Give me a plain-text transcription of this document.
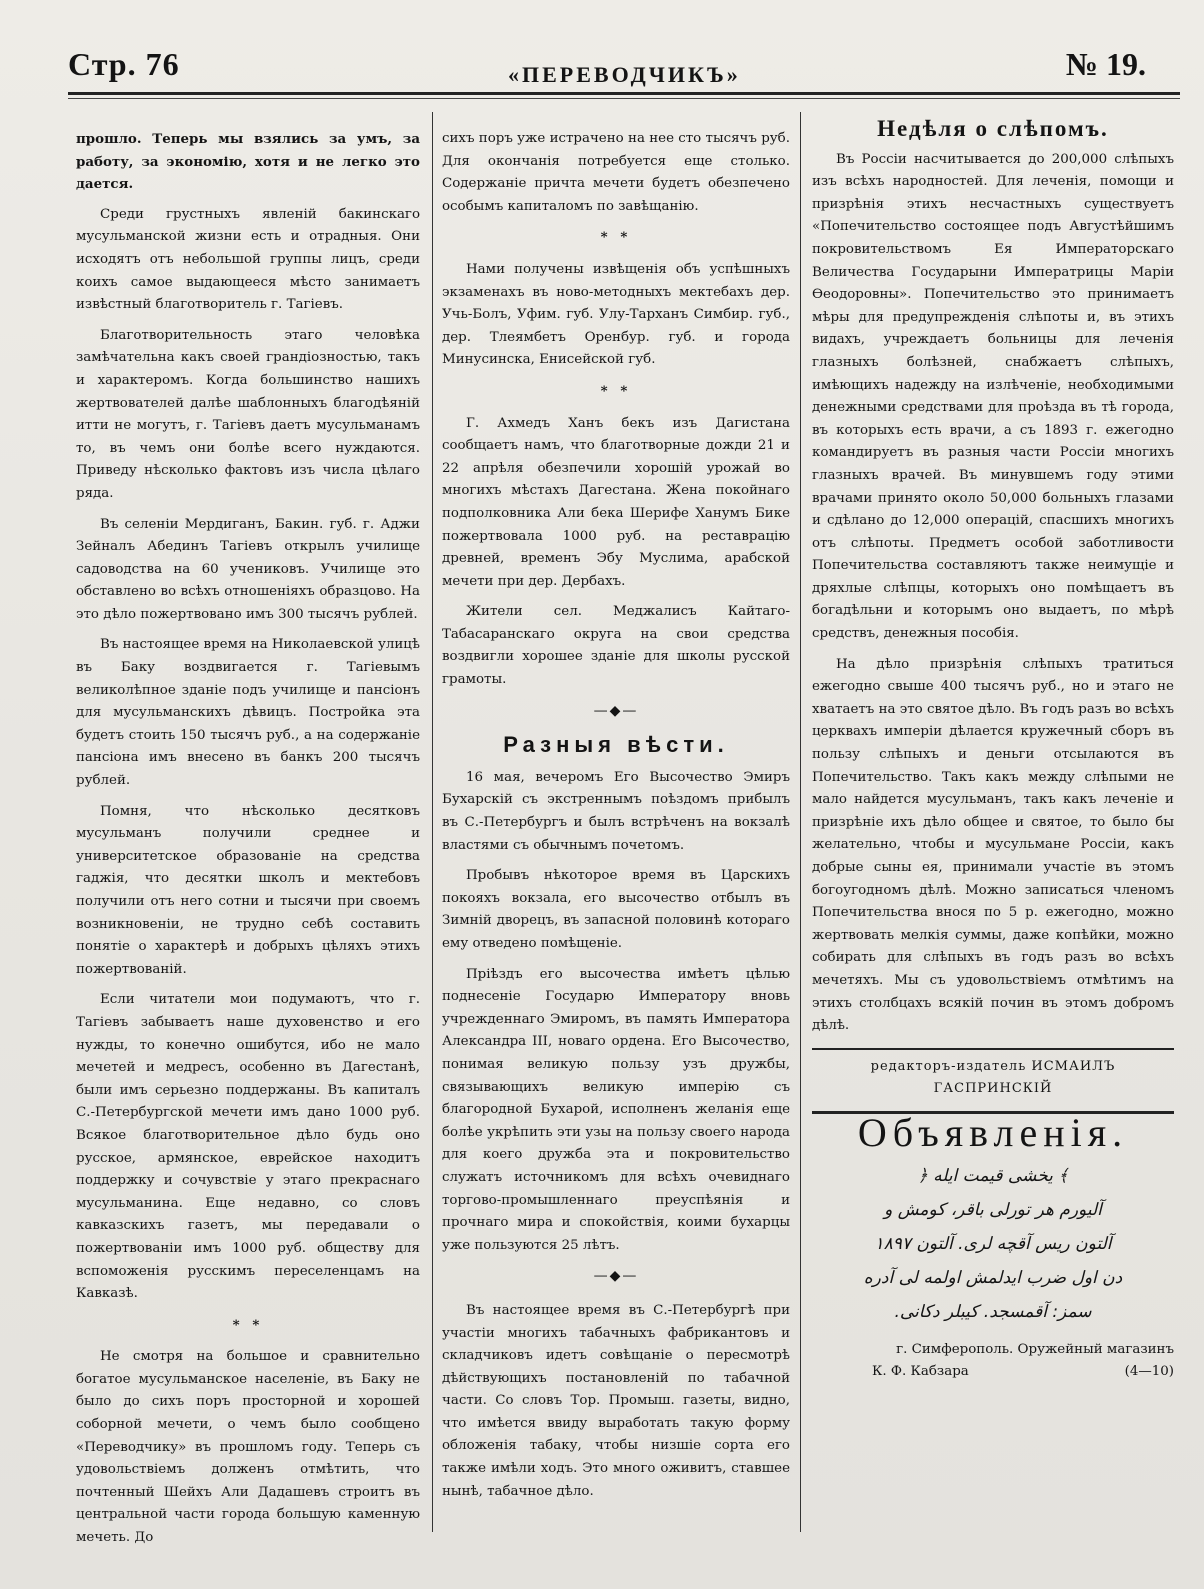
Стр. 76	«ПЕРЕВОДЧИКЪ»	№ 19.

прошло. Теперь мы взялись за умъ, за работу, за экономію, хотя и не легко это дается.

Среди грустныхъ явленій бакинскаго мусульманской жизни есть и отрадныя. Они исходятъ отъ небольшой группы лицъ, среди коихъ самое выдающееся мѣсто занимаетъ извѣстный благотворитель г. Тагіевъ.

Благотворительность этаго человѣка замѣчательна какъ своей грандіозностью, такъ и характеромъ. Когда большинство нашихъ жертвователей далѣе шаблонныхъ благодѣяній итти не могутъ, г. Тагіевъ даетъ мусульманамъ то, въ чемъ они болѣе всего нуждаются. Приведу нѣсколько фактовъ изъ числа цѣлаго ряда.

Въ селеніи Мердиганъ, Бакин. губ. г. Аджи Зейналъ Абединъ Тагіевъ открылъ училище садоводства на 60 учениковъ. Училище это обставлено во всѣхъ отношеніяхъ образцово. На это дѣло пожертвовано имъ 300 тысячъ рублей.

Въ настоящее время на Николаевской улицѣ въ Баку воздвигается г. Тагіевымъ великолѣпное зданіе подъ училище и пансіонъ для мусульманскихъ дѣвицъ. Постройка эта будетъ стоить 150 тысячъ руб., а на содержаніе пансіона имъ внесено въ банкъ 200 тысячъ рублей.

Помня, что нѣсколько десятковъ мусульманъ получили среднее и университетское образованіе на средства гаджія, что десятки школъ и мектебовъ получили отъ него сотни и тысячи при своемъ возникновеніи, не трудно себѣ составить понятіе о характерѣ и добрыхъ цѣляхъ этихъ пожертвованій.

Если читатели мои подумаютъ, что г. Тагіевъ забываетъ наше духовенство и его нужды, то конечно ошибутся, ибо не мало мечетей и медресъ, особенно въ Дагестанѣ, были имъ серьезно поддержаны. Въ капиталъ С.-Петербургской мечети имъ дано 1000 руб. Всякое благотворительное дѣло будь оно русское, армянское, еврейское находитъ поддержку и сочувствіе у этаго прекраснаго мусульманина. Еще недавно, со словъ кавказскихъ газетъ, мы передавали о пожертвованіи имъ 1000 руб. обществу для вспоможенія русскимъ переселенцамъ на Кавказѣ.

* *

Не смотря на большое и сравнительно богатое мусульманское населеніе, въ Баку не было до сихъ поръ просторной и хорошей соборной мечети, о чемъ было сообщено «Переводчику» въ прошломъ году. Теперь съ удовольствіемъ долженъ отмѣтить, что почтенный Шейхъ Али Дадашевъ строитъ въ центральной части города большую каменную мечеть. До

сихъ поръ уже истрачено на нее сто тысячъ руб. Для окончанія потребуется еще столько. Содержаніе причта мечети будетъ обезпечено особымъ капиталомъ по завѣщанію.

* *

Нами получены извѣщенія объ успѣшныхъ экзаменахъ въ ново-методныхъ мектебахъ дер. Учь-Болъ, Уфим. губ. Улу-Тарханъ Симбир. губ., дер. Тлеямбетъ Оренбур. губ. и города Минусинска, Енисейской губ.

* *

Г. Ахмедъ Ханъ бекъ изъ Дагистана сообщаетъ намъ, что благотворные дожди 21 и 22 апрѣля обезпечили хорошій урожай во многихъ мѣстахъ Дагестана. Жена покойнаго подполковника Али бека Шерифе Ханумъ Бике пожертвовала 1000 руб. на реставрацію древней, временъ Эбу Муслима, арабской мечети при дер. Дербахъ.

Жители сел. Меджалисъ Кайтаго-Табасаранскаго округа на свои средства воздвигли хорошее зданіе для школы русской грамоты.

—◆—
Разныя вѣсти.

16 мая, вечеромъ Его Высочество Эмиръ Бухарскій съ экстреннымъ поѣздомъ прибылъ въ С.-Петербургъ и былъ встрѣченъ на вокзалѣ властями съ обычнымъ почетомъ.

Пробывъ нѣкоторое время въ Царскихъ покояхъ вокзала, его высочество отбылъ въ Зимній дворецъ, въ запасной половинѣ котораго ему отведено помѣщеніе.

Пріѣздъ его высочества имѣетъ цѣлью поднесеніе Государю Императору вновь учрежденнаго Эмиромъ, въ память Императора Александра III, новаго ордена. Его Высочество, понимая великую пользу узъ дружбы, связывающихъ великую имперію съ благородной Бухарой, исполненъ желанія еще болѣе укрѣпить эти узы на пользу своего народа для коего дружба эта и покровительство служатъ источникомъ для всѣхъ очевиднаго торгово-промышленнаго преуспѣянія и прочнаго мира и спокойствія, коими бухарцы уже пользуются 25 лѣтъ.

—◆—

Въ настоящее время въ С.-Петербургѣ при участіи многихъ табачныхъ фабрикантовъ и складчиковъ идетъ совѣщаніе о пересмотрѣ дѣйствующихъ постановленій по табачной части. Со словъ Тор. Промыш. газеты, видно, что имѣется ввиду выработать такую форму обложенія табаку, чтобы низшіе сорта его также имѣли ходъ. Это много оживитъ, ставшее нынѣ, табачное дѣло.

Недѣля о слѣпомъ.

Въ Россіи насчитывается до 200,000 слѣпыхъ изъ всѣхъ народностей. Для леченія, помощи и призрѣнія этихъ несчастныхъ существуетъ «Попечительство состоящее подъ Августѣйшимъ покровительствомъ Ея Императорскаго Величества Государыни Императрицы Маріи Ѳеодоровны». Попечительство это принимаетъ мѣры для предупрежденія слѣпоты и, въ этихъ видахъ, учреждаетъ больницы для леченія глазныхъ болѣзней, снабжаетъ слѣпыхъ, имѣющихъ надежду на излѣченіе, необходимыми денежными средствами для проѣзда въ тѣ города, въ которыхъ есть врачи, а съ 1893 г. ежегодно командируетъ въ разныя части Россіи многихъ глазныхъ врачей. Въ минувшемъ году этими врачами принято около 50,000 больныхъ глазами и сдѣлано до 12,000 операцій, спасшихъ многихъ отъ слѣпоты. Предметъ особой заботливости Попечительства составляютъ также неимущіе и дряхлые слѣпцы, которыхъ оно помѣщаетъ въ богадѣльни и которымъ оно выдаетъ, по мѣрѣ средствъ, денежныя пособія.

На дѣло призрѣнія слѣпыхъ тратиться ежегодно свыше 400 тысячъ руб., но и этаго не хватаетъ на это святое дѣло. Въ годъ разъ во всѣхъ церквахъ имперіи дѣлается кружечный сборъ въ пользу слѣпыхъ и деньги отсылаются въ Попечительство. Такъ какъ между слѣпыми не мало найдется мусульманъ, такъ какъ леченіе и призрѣніе ихъ дѣло общее и святое, то было бы желательно, чтобы и мусульмане Россіи, какъ добрые сыны ея, принимали участіе въ этомъ богоугодномъ дѣлѣ. Можно записаться членомъ Попечительства внося по 5 р. ежегодно, можно жертвовать мелкія суммы, даже копѣйки, можно собирать для слѣпыхъ въ годъ разъ во всѣхъ мечетяхъ. Мы съ удовольствіемъ отмѣтимъ на этихъ столбцахъ всякій почин въ этомъ добромъ дѣлѣ.

редакторъ-издатель ИСМАИЛЪ ГАСПРИНСКІЙ
Объявленія.
﴾ يخشى قيمت ايله ﴿
آليورم هر تورلى باقر، كومش و
آلتون ريس آقچه لرى. آلتون ١٨٩٧
دن اول ضرب ايدلمش اولمه لى آدره
سمز: آقمسجد. كيبلر دكانى.
г. Симферополь. Оружейный магазинъ
К. Ф. Кабзара	(4—10)
